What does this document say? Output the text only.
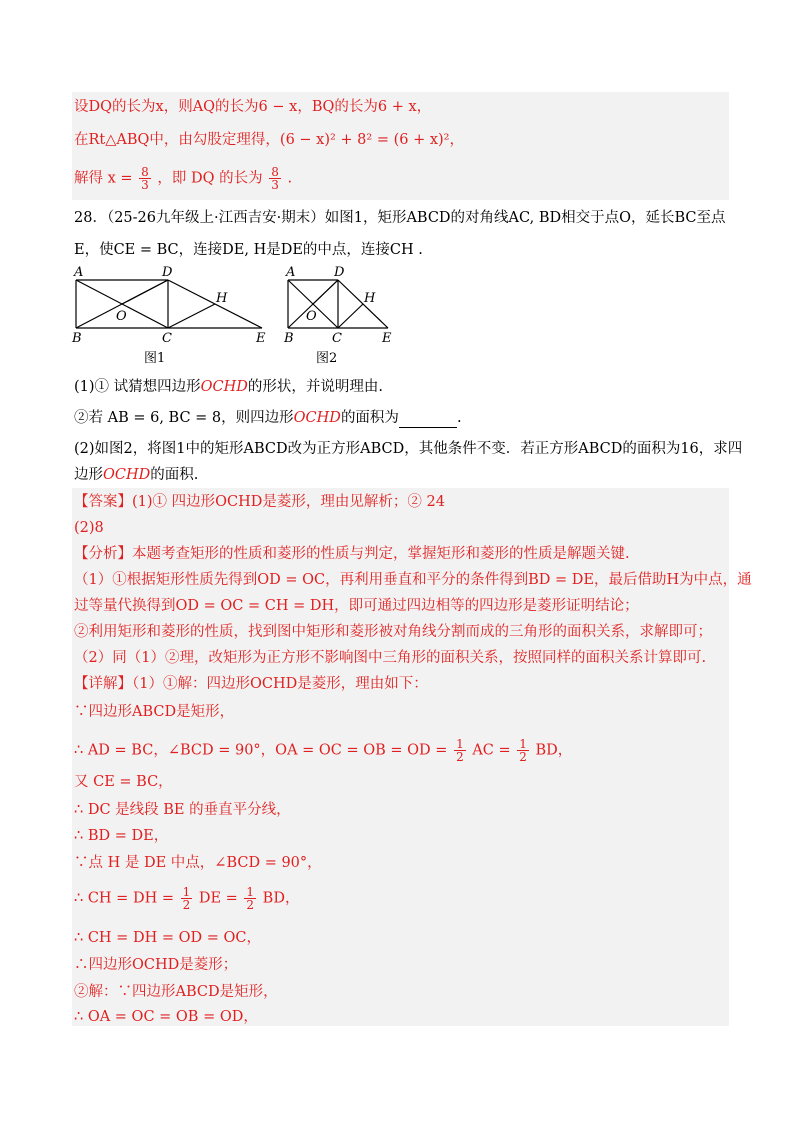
设DQ的长为x，则AQ的长为6 − x，BQ的长为6 + x，
在Rt△ABQ中，由勾股定理得，(6 − x)² + 8² = (6 + x)²，
解得 $x = \frac{8}{3}$ ，即 DQ 的长为 $\frac{8}{3}$ .
28．（25-26九年级上·江西吉安·期末）如图1，矩形ABCD的对角线AC, BD相交于点O，延长BC至点
E，使CE = BC，连接DE, H是DE的中点，连接CH .
A	D
H
O
B	C	E
图1
A	D
H
O
B	C	E
图2
(1)① 试猜想四边形OCHD的形状，并说明理由.
②若 AB = 6, BC = 8，则四边形OCHD的面积为	.
(2)如图2，将图1中的矩形ABCD改为正方形ABCD，其他条件不变．若正方形ABCD的面积为16，求四
边形OCHD的面积.
【答案】(1)① 四边形OCHD是菱形，理由见解析；② 24
(2)8
【分析】本题考查矩形的性质和菱形的性质与判定，掌握矩形和菱形的性质是解题关键.
（1）①根据矩形性质先得到OD = OC，再利用垂直和平分的条件得到BD = DE，最后借助H为中点，通
过等量代换得到OD = OC = CH = DH，即可通过四边相等的四边形是菱形证明结论；
②利用矩形和菱形的性质，找到图中矩形和菱形被对角线分割而成的三角形的面积关系，求解即可；
（2）同（1）②理，改矩形为正方形不影响图中三角形的面积关系，按照同样的面积关系计算即可.
【详解】（1）①解：四边形OCHD是菱形，理由如下：
∵四边形ABCD是矩形，
∴ AD = BC，∠BCD = 90°，OA = OC = OB = OD = $\frac{1}{2}$ AC = $\frac{1}{2}$ BD，
又 CE = BC，
∴ DC 是线段 BE 的垂直平分线，
∴ BD = DE，
∵点 H 是 DE 中点，∠BCD = 90°，
∴ CH = DH = $\frac{1}{2}$ DE = $\frac{1}{2}$ BD，
∴ CH = DH = OD = OC，
∴四边形OCHD是菱形；
②解：∵四边形ABCD是矩形，
∴ OA = OC = OB = OD，
